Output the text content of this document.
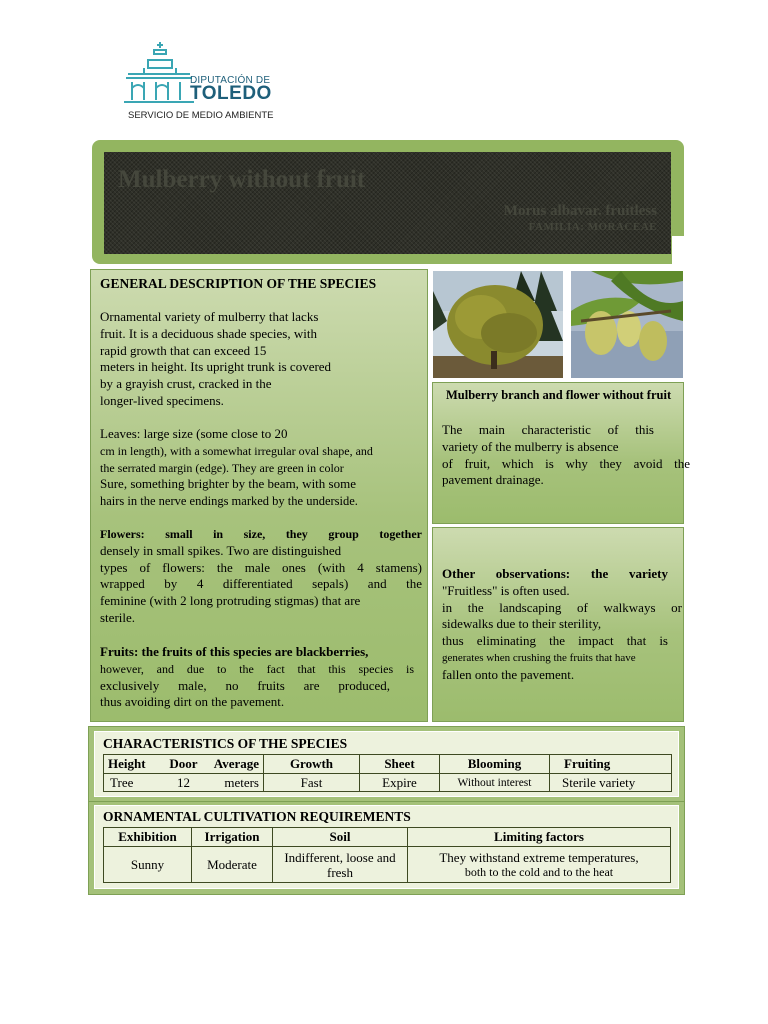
DIPUTACIÓN DE
TOLEDO
SERVICIO DE MEDIO AMBIENTE
Mulberry without fruit
Morus albavar. fruitless
FAMILIA: MORACEAE
GENERAL DESCRIPTION OF THE SPECIES
Ornamental variety of mulberry that lacks
fruit. It is a deciduous shade species, with
rapid growth that can exceed 15
meters in height. Its upright trunk is covered
by a grayish crust, cracked in the
longer-lived specimens.
Leaves: large size (some close to 20
cm in length), with a somewhat irregular oval shape, and
the serrated margin (edge). They are green in color
Sure, something brighter by the beam, with some
hairs in the nerve endings marked by the underside.
Flowers: small in size, they group together
densely in small spikes. Two are distinguished
types of flowers: the male ones (with 4 stamens)
wrapped by 4 differentiated sepals) and the
feminine (with 2 long protruding stigmas) that are
sterile.
Fruits: the fruits of this species are blackberries,
however, and due to the fact that this species is
exclusively male, no fruits are produced,
thus avoiding dirt on the pavement.
Mulberry branch and flower without fruit
The main characteristic of this
variety of the mulberry is absence
of fruit, which is why they avoid the
pavement drainage.
Other observations: the variety
"Fruitless" is often used.
in the landscaping of walkways or
sidewalks due to their sterility,
thus eliminating the impact that is
generates when crushing the fruits that have
fallen onto the pavement.
CHARACTERISTICS OF THE SPECIES
Height	Door	Average	Growth	Sheet	Blooming	Fruiting
Tree	12	meters	Fast	Expire	Without interest	Sterile variety
ORNAMENTAL CULTIVATION REQUIREMENTS
Exhibition	Irrigation	Soil	Limiting factors
Sunny	Moderate	Indifferent, loose and fresh	They withstand extreme temperatures,
both to the cold and to the heat
